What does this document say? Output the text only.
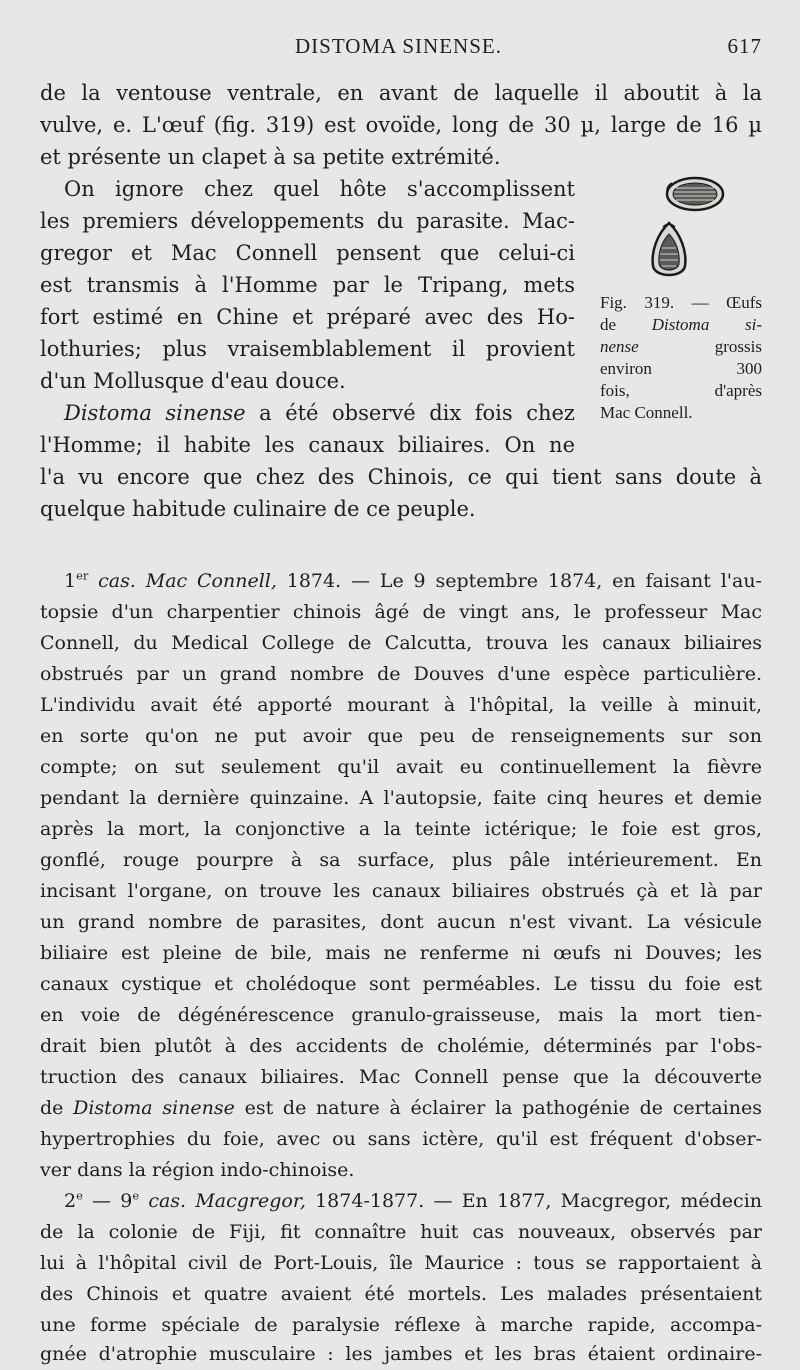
DISTOMA SINENSE.	617
de la ventouse ventrale, en avant de laquelle il aboutit à la
vulve, e. L'œuf (fig. 319) est ovoïde, long de 30 µ, large de 16 µ
et présente un clapet à sa petite extrémité.
On ignore chez quel hôte s'accomplissent
les premiers développements du parasite. Mac-
gregor et Mac Connell pensent que celui-ci
est transmis à l'Homme par le Tripang, mets
fort estimé en Chine et préparé avec des Ho-
lothuries; plus vraisemblablement il provient
d'un Mollusque d'eau douce.
Distoma sinense a été observé dix fois chez
l'Homme; il habite les canaux biliaires. On ne
l'a vu encore que chez des Chinois, ce qui tient sans doute à
quelque habitude culinaire de ce peuple.
Fig. 319. — Œufs
de Distoma si-
nense grossis
environ 300
fois, d'après
Mac Connell.
1er cas. Mac Connell, 1874. — Le 9 septembre 1874, en faisant l'au-
topsie d'un charpentier chinois âgé de vingt ans, le professeur Mac
Connell, du Medical College de Calcutta, trouva les canaux biliaires
obstrués par un grand nombre de Douves d'une espèce particulière.
L'individu avait été apporté mourant à l'hôpital, la veille à minuit,
en sorte qu'on ne put avoir que peu de renseignements sur son
compte; on sut seulement qu'il avait eu continuellement la fièvre
pendant la dernière quinzaine. A l'autopsie, faite cinq heures et demie
après la mort, la conjonctive a la teinte ictérique; le foie est gros,
gonflé, rouge pourpre à sa surface, plus pâle intérieurement. En
incisant l'organe, on trouve les canaux biliaires obstrués çà et là par
un grand nombre de parasites, dont aucun n'est vivant. La vésicule
biliaire est pleine de bile, mais ne renferme ni œufs ni Douves; les
canaux cystique et cholédoque sont perméables. Le tissu du foie est
en voie de dégénérescence granulo-graisseuse, mais la mort tien-
drait bien plutôt à des accidents de cholémie, déterminés par l'obs-
truction des canaux biliaires. Mac Connell pense que la découverte
de Distoma sinense est de nature à éclairer la pathogénie de certaines
hypertrophies du foie, avec ou sans ictère, qu'il est fréquent d'obser-
ver dans la région indo-chinoise.
2e — 9e cas. Macgregor, 1874-1877. — En 1877, Macgregor, médecin
de la colonie de Fiji, fit connaître huit cas nouveaux, observés par
lui à l'hôpital civil de Port-Louis, île Maurice : tous se rapportaient à
des Chinois et quatre avaient été mortels. Les malades présentaient
une forme spéciale de paralysie réflexe à marche rapide, accompa-
gnée d'atrophie musculaire : les jambes et les bras étaient ordinaire-
